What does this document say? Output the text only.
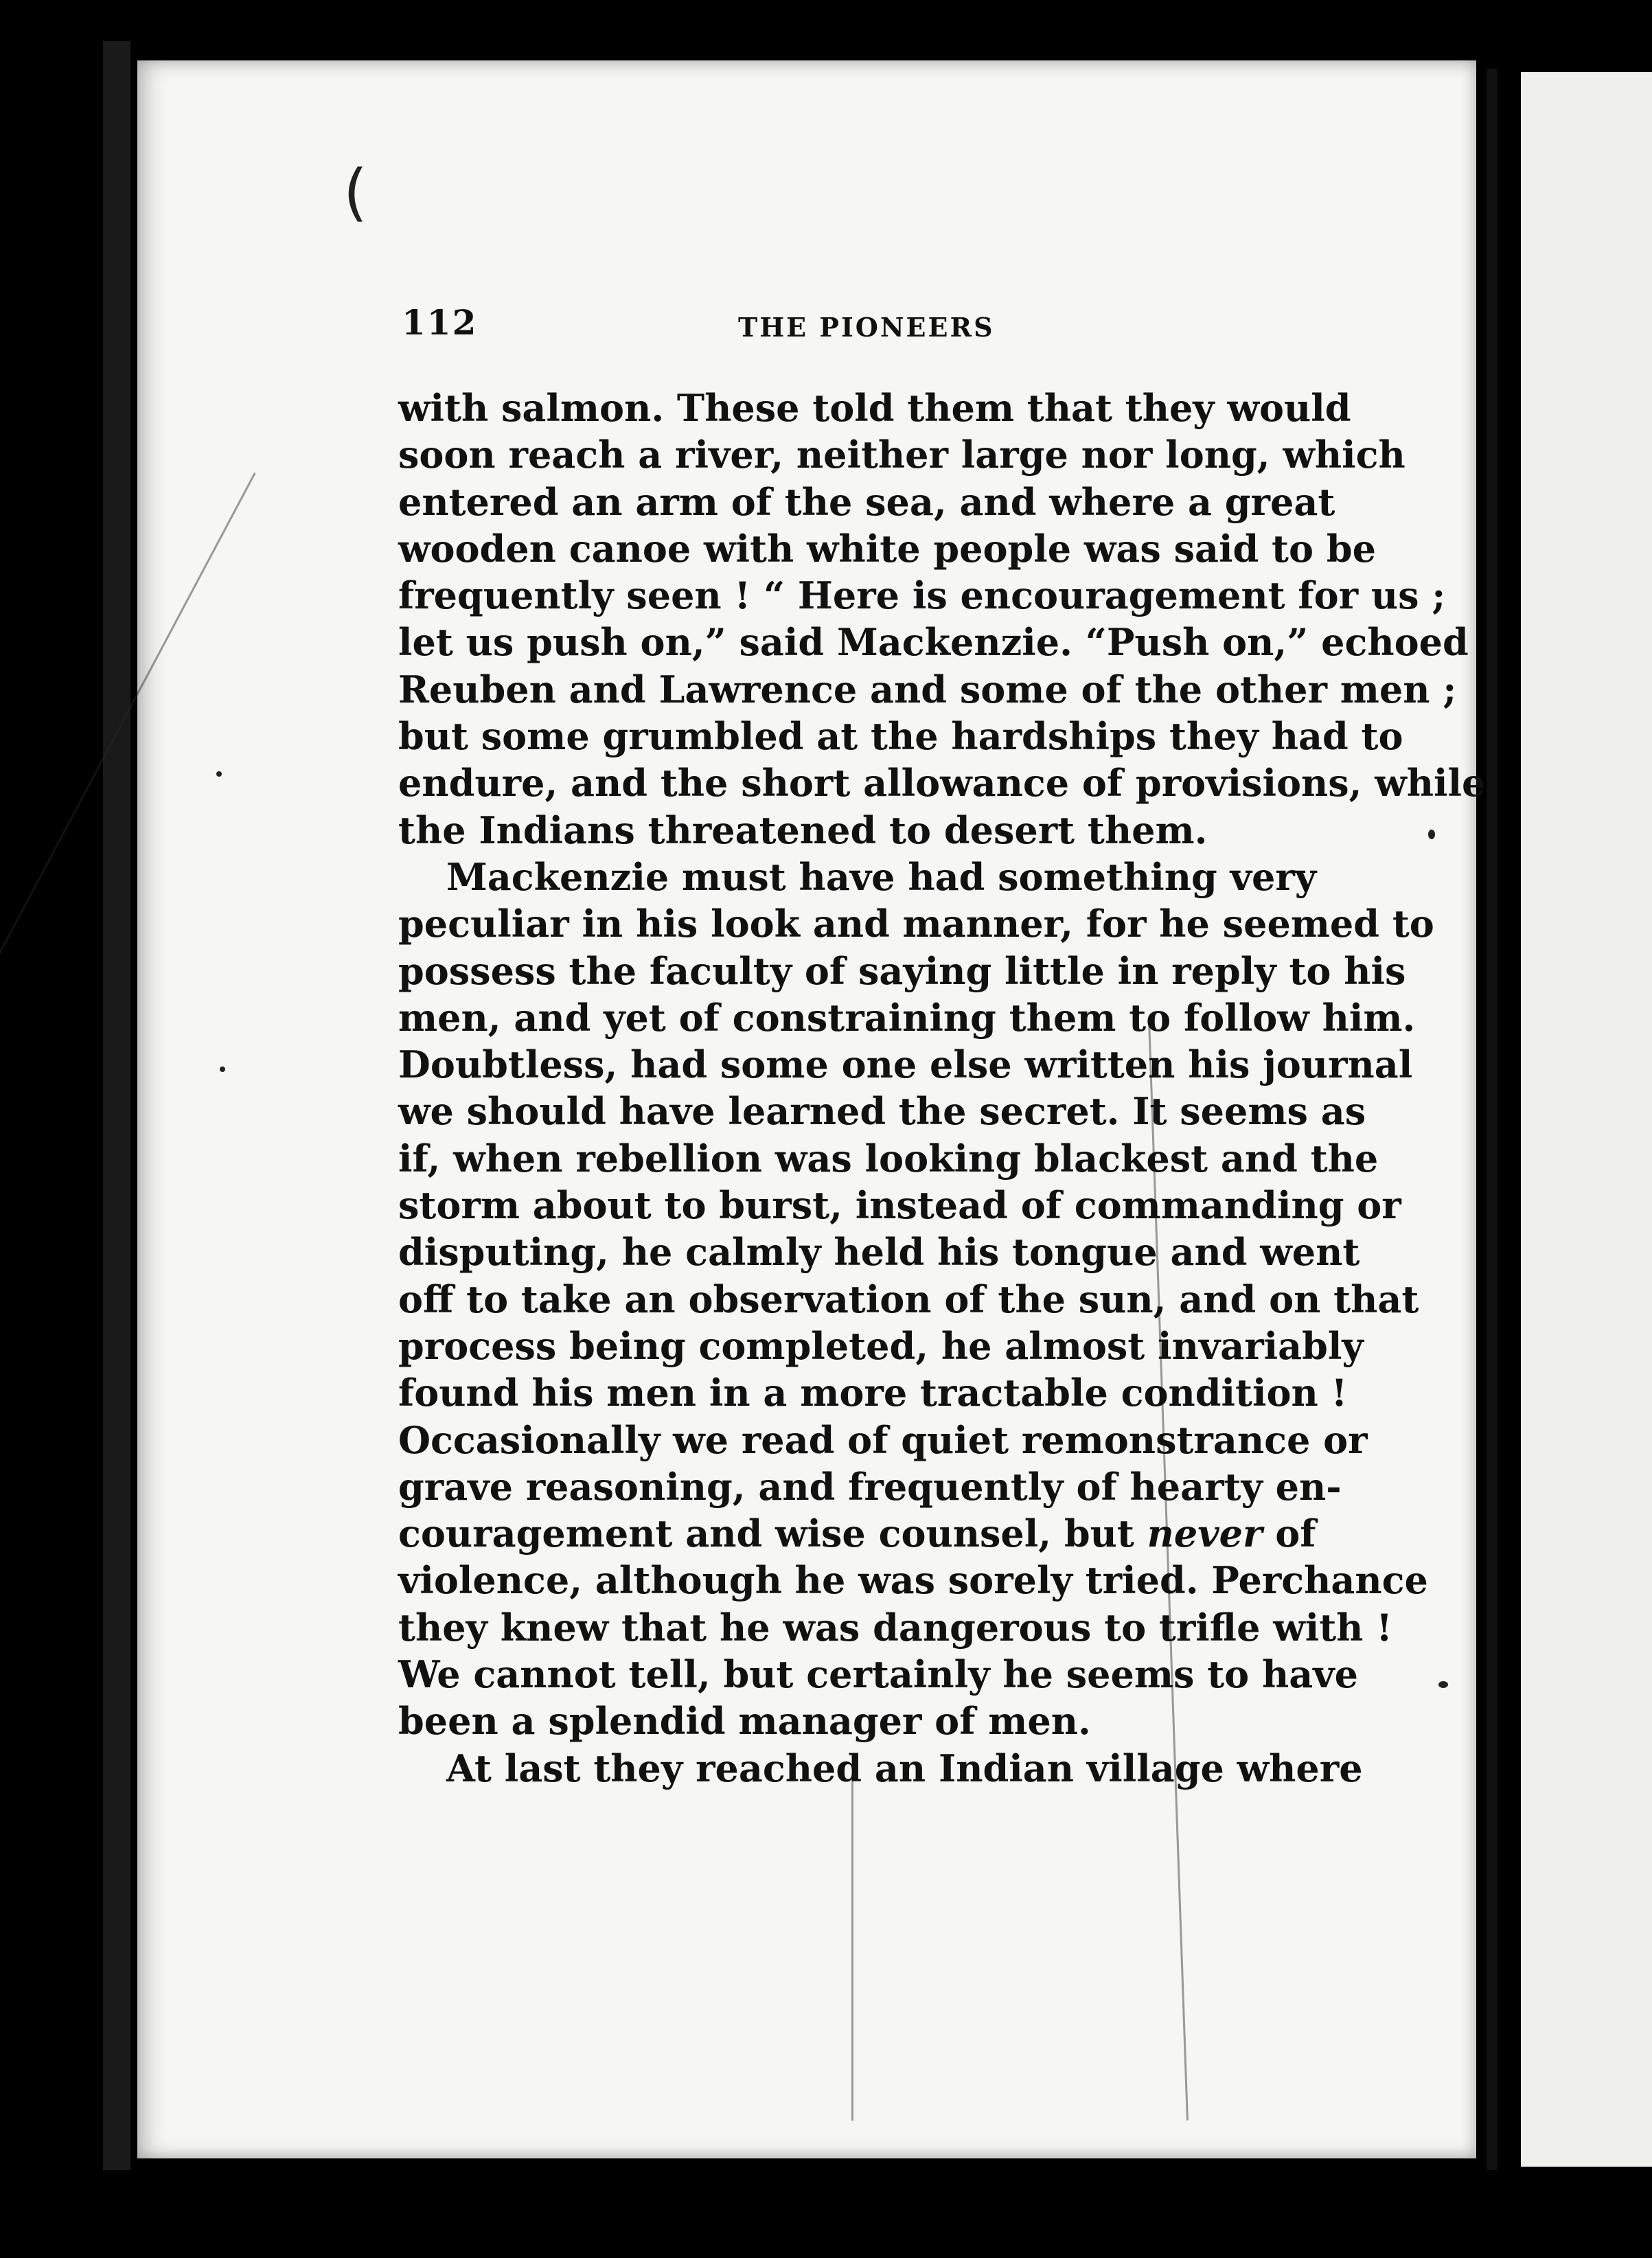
(
112	THE PIONEERS

with salmon. These told them that they would
soon reach a river, neither large nor long, which
entered an arm of the sea, and where a great
wooden canoe with white people was said to be
frequently seen ! “ Here is encouragement for us ;
let us push on,” said Mackenzie. “Push on,” echoed
Reuben and Lawrence and some of the other men ;
but some grumbled at the hardships they had to
endure, and the short allowance of provisions, while
the Indians threatened to desert them.

Mackenzie must have had something very
peculiar in his look and manner, for he seemed to
possess the faculty of saying little in reply to his
men, and yet of constraining them to follow him.
Doubtless, had some one else written his journal
we should have learned the secret. It seems as
if, when rebellion was looking blackest and the
storm about to burst, instead of commanding or
disputing, he calmly held his tongue and went
off to take an observation of the sun, and on that
process being completed, he almost invariably
found his men in a more tractable condition !
Occasionally we read of quiet remonstrance or
grave reasoning, and frequently of hearty en-
couragement and wise counsel, but never of
violence, although he was sorely tried. Perchance
they knew that he was dangerous to trifle with !
We cannot tell, but certainly he seems to have
been a splendid manager of men.

At last they reached an Indian village where
